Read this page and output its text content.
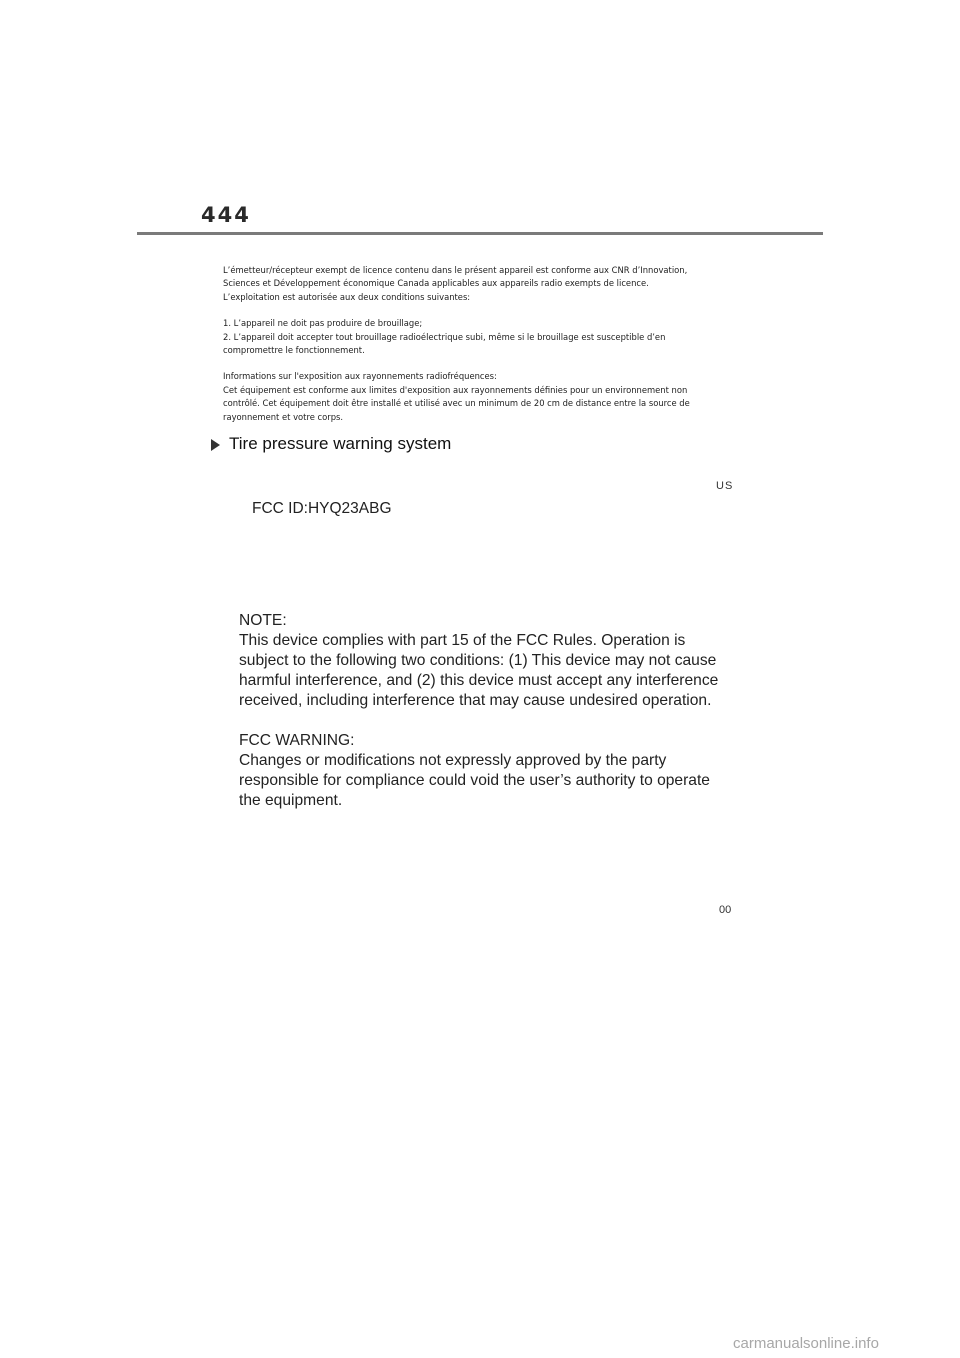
444

L’émetteur/récepteur exempt de licence contenu dans le présent appareil est conforme aux CNR d’Innovation,

Sciences et Développement économique Canada applicables aux appareils radio exempts de licence.

L’exploitation est autorisée aux deux conditions suivantes:

1. L’appareil ne doit pas produire de brouillage;

2. L’appareil doit accepter tout brouillage radioélectrique subi, même si le brouillage est susceptible d’en

compromettre le fonctionnement.

Informations sur l'exposition aux rayonnements radiofréquences:

Cet équipement est conforme aux limites d'exposition aux rayonnements définies pour un environnement non

contrôlé. Cet équipement doit être installé et utilisé avec un minimum de 20 cm de distance entre la source de

rayonnement et votre corps.

Tire pressure warning system
US
FCC ID:HYQ23ABG

NOTE:

This device complies with part 15 of the FCC Rules. Operation is

subject to the following two conditions: (1) This device may not cause

harmful interference, and (2) this device must accept any interference

received, including interference that may cause undesired operation.

FCC WARNING:

Changes or modifications not expressly approved by the party

responsible for compliance could void the user’s authority to operate

the equipment.

00
carmanualsonline.info
